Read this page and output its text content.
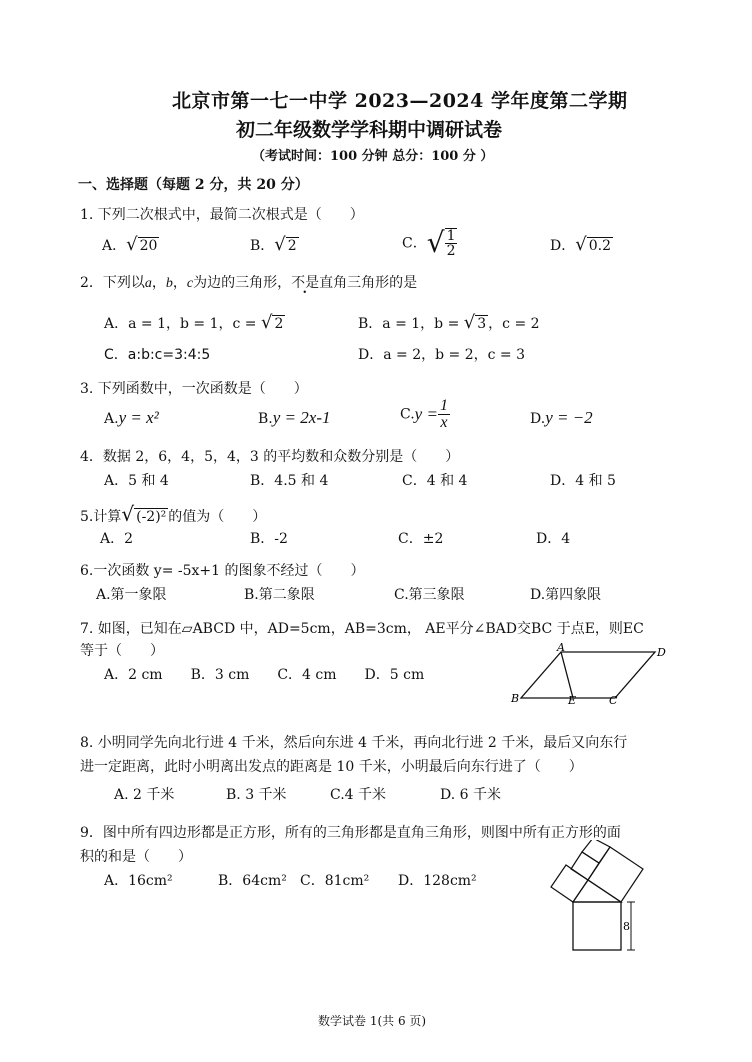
北京市第一七一中学 2023—2024 学年度第二学期
初二年级数学学科期中调研试卷
（考试时间：100 分钟 总分：100 分 ）
一、选择题（每题 2 分，共 20 分）
1. 下列二次根式中，最简二次根式是（　　）
A．√ 20	B．√ 2	C．√ $\frac{1}{2}$	D．√ 0.2
2．下列以a，b，c为边的三角形，不是直角三角形的是
A．a = 1，b = 1，c = √ 2	B．a = 1，b = √ 3 ，c = 2
C．a:b:c=3:4:5	D．a = 2，b = 2，c = 3
3. 下列函数中，一次函数是（　　）
A.y = x²	B.y = 2x-1	$C.y = \frac{1}{x}$	D.y = −2
4．数据 2，6，4，5，4，3 的平均数和众数分别是（　　）
A．5 和 4	B．4.5 和 4	C．4 和 4	D．4 和 5
5.计算√ (-2)² 的值为（　　）
A．2	B．-2	C．±2	D．4
6.一次函数 y= -5x+1 的图象不经过（　　）
A.第一象限	B.第二象限	C.第三象限	D.第四象限
7. 如图，已知在▱ABCD 中，AD=5cm，AB=3cm， AE平分∠BAD交BC 于点E，则EC
等于（　　）
A．2 cm　　B．3 cm　　C．4 cm　　D．5 cm
A	D
B	E	C
8. 小明同学先向北行进 4 千米，然后向东进 4 千米，再向北行进 2 千米，最后又向东行
进一定距离，此时小明离出发点的距离是 10 千米，小明最后向东行进了（　　）
A. 2 千米	B. 3 千米	C.4 千米	D. 6 千米
9．图中所有四边形都是正方形，所有的三角形都是直角三角形，则图中所有正方形的面
积的和是（　　）
A．16cm²	B．64cm² C．81cm² D．128cm²
8
数学试卷 1(共 6 页)
